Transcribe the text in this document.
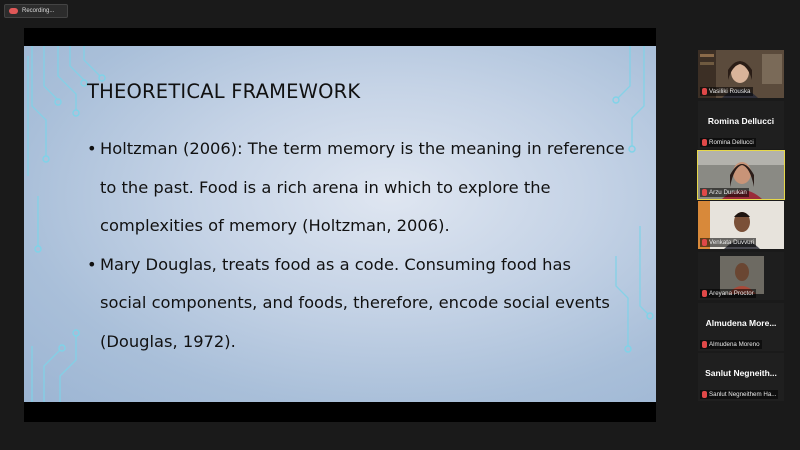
Recording...
THEORETICAL FRAMEWORK
• Holtzman (2006): The term memory is the meaning in reference
to the past. Food is a rich arena in which to explore the
complexities of memory (Holtzman, 2006).
• Mary Douglas, treats food as a code. Consuming food has
social components, and foods, therefore, encode social events
(Douglas, 1972).
Vasiliki Rouska
Romina Dellucci
Romina Dellucci
Arzu Durukan
Venkata Duvvuri
Areyana Proctor
Almudena More...
Almudena Moreno
Sanlut Negneith...
Sanlut Negneithem Ha...
